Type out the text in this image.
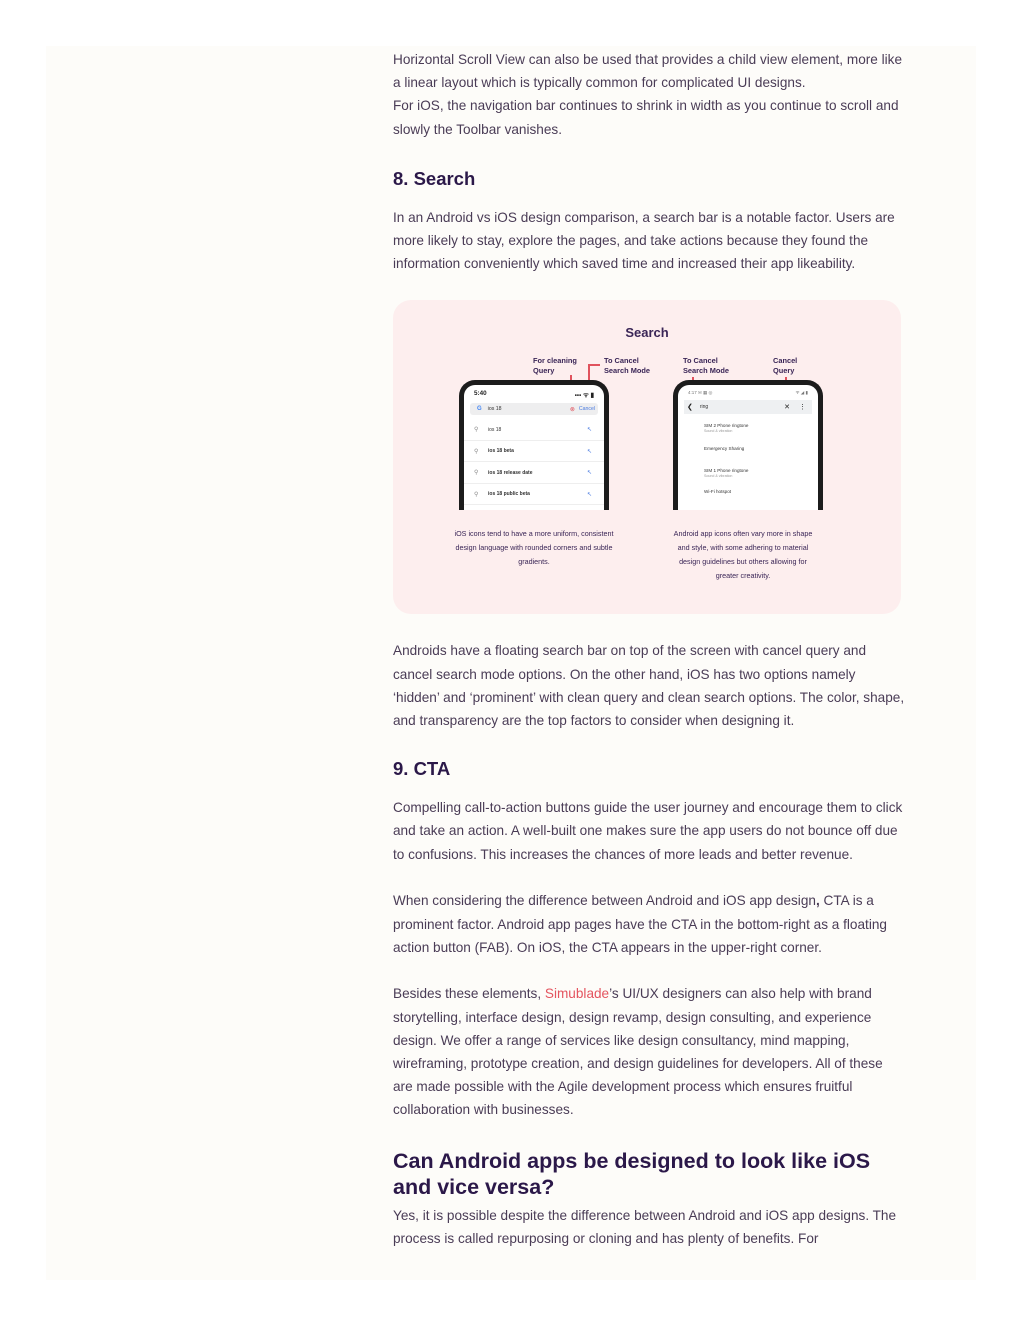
Horizontal Scroll View can also be used that provides a child view element, more like a linear layout which is typically common for complicated UI designs.

For iOS, the navigation bar continues to shrink in width as you continue to scroll and slowly the Toolbar vanishes.

8. Search

In an Android vs iOS design comparison, a search bar is a notable factor. Users are more likely to stay, explore the pages, and take actions because they found the information conveniently which saved time and increased their app likeability.

Search
For cleaning Query
To Cancel Search Mode
To Cancel Search Mode
Cancel Query
5:40	▪▪▪ ᯤ ▮
G	ios 18	⊗ Cancel
⚲	ios 18	↖
⚲	ios 18 beta	↖
⚲	ios 18 release date	↖
⚲	ios 18 public beta	↖
4:17 ✉ ▦ ◎	ᯤ ◢ ▮
❮	ring	✕	⋮
SIM 2 Phone ringtone
Sound & vibration
Emergency Sharing
SIM 1 Phone ringtone
Sound & vibration
Wi-Fi hotspot
iOS icons tend to have a more uniform, consistent design language with rounded corners and subtle gradients.
Android app icons often vary more in shape and style, with some adhering to material design guidelines but others allowing for greater creativity.

Androids have a floating search bar on top of the screen with cancel query and cancel search mode options. On the other hand, iOS has two options namely ‘hidden’ and ‘prominent’ with clean query and clean search options. The color, shape, and transparency are the top factors to consider when designing it.

9. CTA

Compelling call-to-action buttons guide the user journey and encourage them to click and take an action. A well-built one makes sure the app users do not bounce off due to confusions. This increases the chances of more leads and better revenue.

When considering the difference between Android and iOS app design, CTA is a prominent factor. Android app pages have the CTA in the bottom-right as a floating action button (FAB). On iOS, the CTA appears in the upper-right corner.

Besides these elements, Simublade’s UI/UX designers can also help with brand storytelling, interface design, design revamp, design consulting, and experience design. We offer a range of services like design consultancy, mind mapping, wireframing, prototype creation, and design guidelines for developers. All of these are made possible with the Agile development process which ensures fruitful collaboration with businesses.

Can Android apps be designed to look like iOS and vice versa?

Yes, it is possible despite the difference between Android and iOS app designs. The process is called repurposing or cloning and has plenty of benefits. For
